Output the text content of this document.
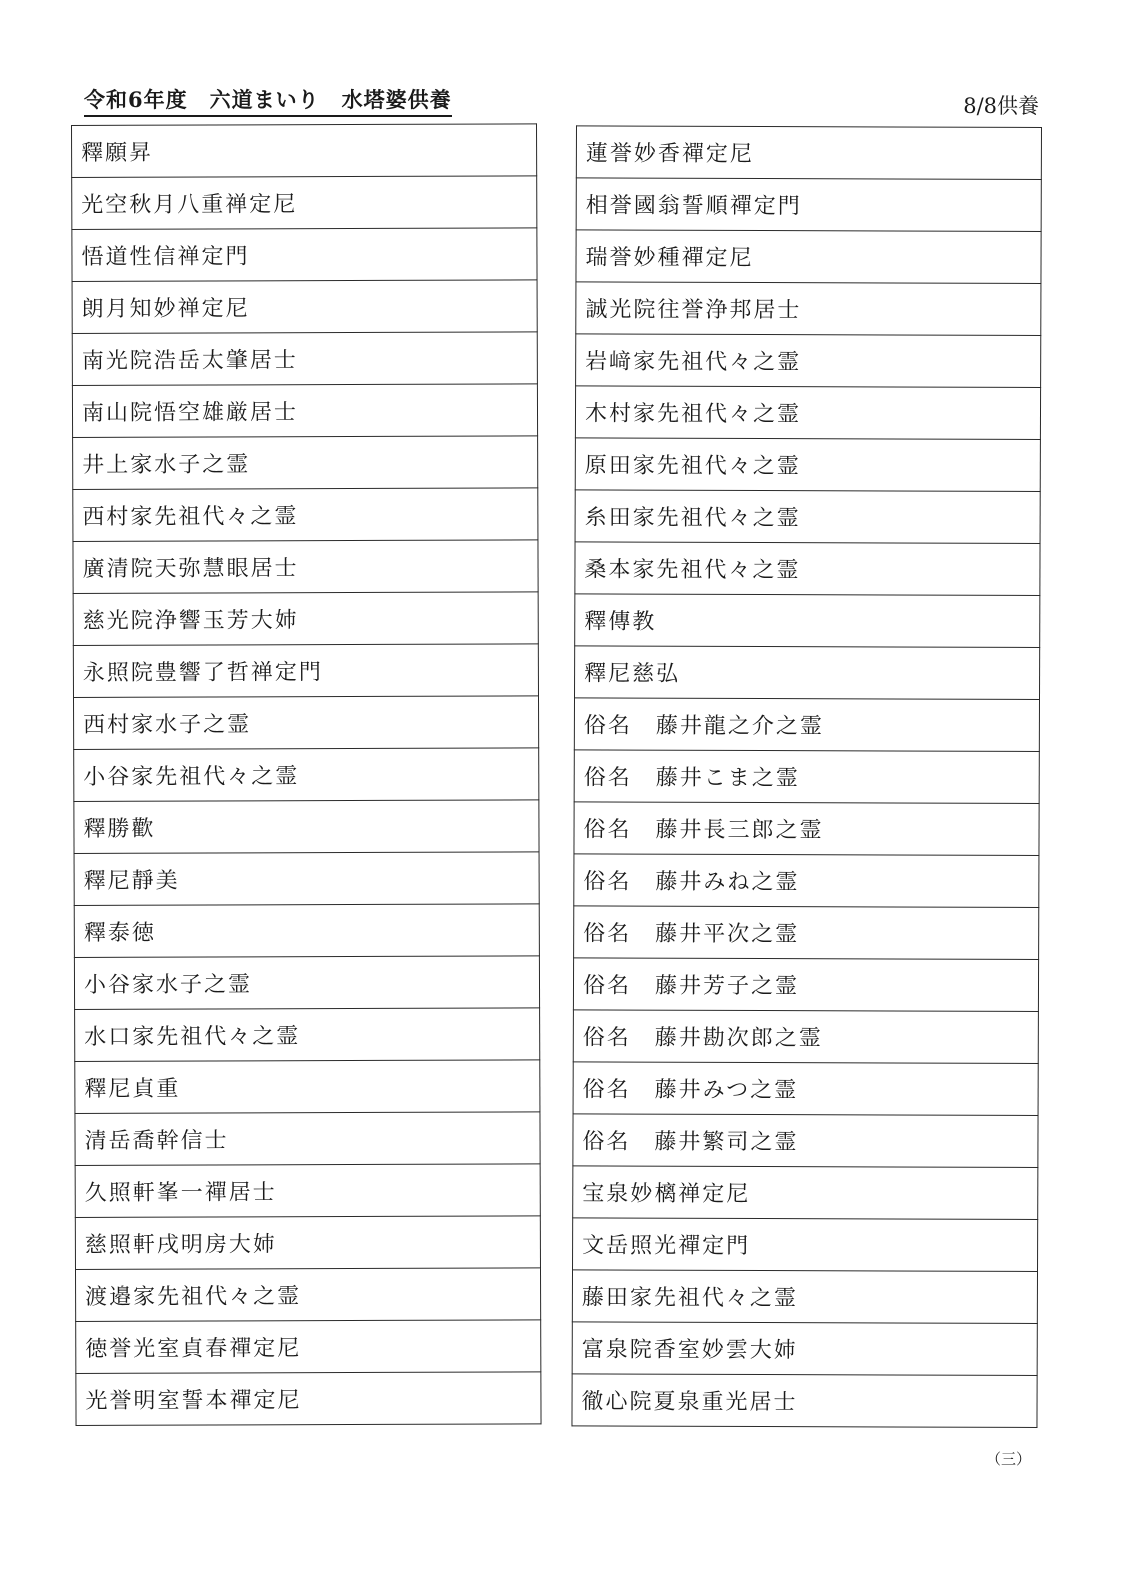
令和6年度　六道まいり　水塔婆供養	8/8供養
釋願昇
光空秋月八重禅定尼
悟道性信禅定門
朗月知妙禅定尼
南光院浩岳太肇居士
南山院悟空雄厳居士
井上家水子之霊
西村家先祖代々之霊
廣清院天弥慧眼居士
慈光院浄響玉芳大姉
永照院豊響了哲禅定門
西村家水子之霊
小谷家先祖代々之霊
釋勝歡
釋尼靜美
釋泰徳
小谷家水子之霊
水口家先祖代々之霊
釋尼貞重
清岳喬幹信士
久照軒峯一禪居士
慈照軒戌明房大姉
渡邉家先祖代々之霊
徳誉光室貞春禪定尼
光誉明室誓本禪定尼
蓮誉妙香禪定尼
相誉國翁誓順禪定門
瑞誉妙種禪定尼
誠光院往誉浄邦居士
岩﨑家先祖代々之霊
木村家先祖代々之霊
原田家先祖代々之霊
糸田家先祖代々之霊
桑本家先祖代々之霊
釋傳教
釋尼慈弘
俗名　藤井龍之介之霊
俗名　藤井こま之霊
俗名　藤井長三郎之霊
俗名　藤井みね之霊
俗名　藤井平次之霊
俗名　藤井芳子之霊
俗名　藤井勘次郎之霊
俗名　藤井みつ之霊
俗名　藤井繁司之霊
宝泉妙樆禅定尼
文岳照光禪定門
藤田家先祖代々之霊
富泉院香室妙雲大姉
徹心院夏泉重光居士
（三）
